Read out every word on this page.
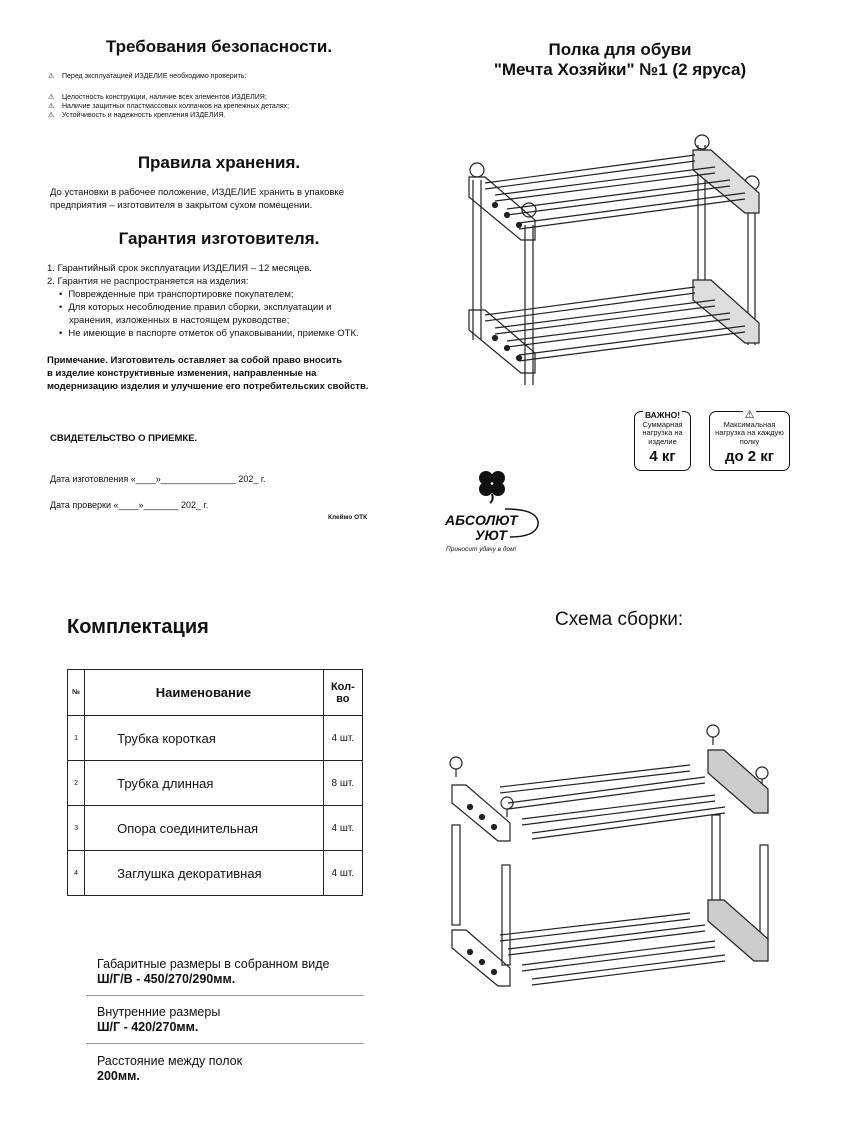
Требования безопасности.
⚠ Перед эксплуатацией ИЗДЕЛИЕ необходимо проверить:
⚠ Целостность конструкции, наличие всех элементов ИЗДЕЛИЯ;
⚠ Наличие защитных пластмассовых колпачков на крепежных деталях;
⚠ Устойчивость и надежность крепления ИЗДЕЛИЯ.
Правила хранения.
До установки в рабочее положение, ИЗДЕЛИЕ хранить в упаковке
предприятия – изготовителя в закрытом сухом помещении.
Гарантия изготовителя.
1. Гарантийный срок эксплуатации ИЗДЕЛИЯ – 12 месяцев.
2. Гарантия не распространяется на изделия:
• Поврежденные при транспортировке покупателем;
• Для которых несоблюдение правил сборки, эксплуатации и
хранения, изложенных в настоящем руководстве;
• Не имеющие в паспорте отметок об упаковывании, приемке ОТК.
Примечание. Изготовитель оставляет за собой право вносить
в изделие конструктивные изменения, направленные на
модернизацию изделия и улучшение его потребительских свойств.
СВИДЕТЕЛЬСТВО О ПРИЕМКЕ.
Дата изготовления «____»_______________ 202_ г.
Дата проверки «____»_______ 202_ г.
Клеймо ОТК
Полка для обуви
"Мечта Хозяйки" №1 (2 яруса)
ВАЖНО!
Суммарная нагрузка на изделие
4 кг
⚠
Максимальная нагрузка на каждую полку
до 2 кг
АБСОЛЮТ
УЮТ
Приносит удачу в дом!
Комплектация
№	Наименование	Кол-во
1	Трубка короткая	4 шт.
2	Трубка длинная	8 шт.
3	Опора соединительная	4 шт.
4	Заглушка декоративная	4 шт.
Габаритные размеры в собранном виде
Ш/Г/В - 450/270/290мм.
Внутренние размеры
Ш/Г - 420/270мм.
Расстояние между полок
200мм.
Схема сборки:
